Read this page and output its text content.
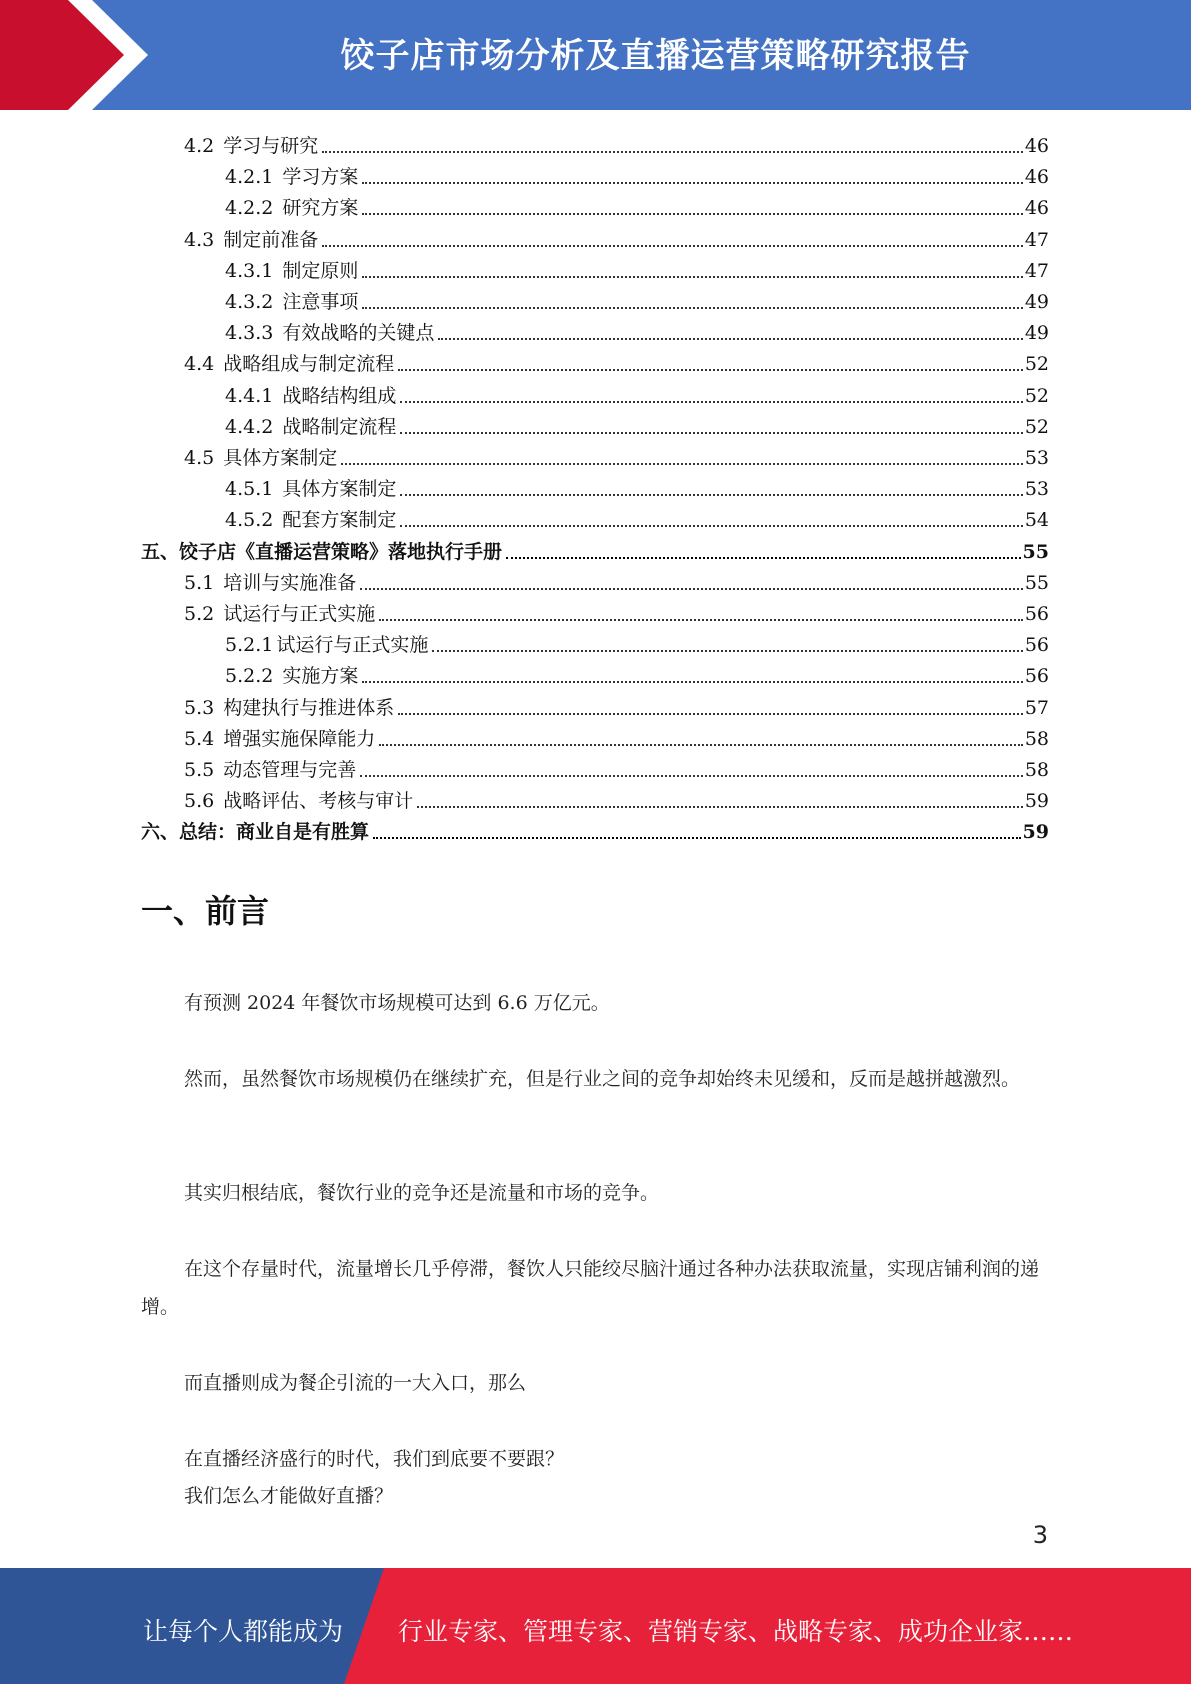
饺子店市场分析及直播运营策略研究报告
4.2 学习与研究	46
4.2.1 学习方案	46
4.2.2 研究方案	46
4.3 制定前准备	47
4.3.1 制定原则	47
4.3.2 注意事项	49
4.3.3 有效战略的关键点	49
4.4 战略组成与制定流程	52
4.4.1 战略结构组成	52
4.4.2 战略制定流程	52
4.5 具体方案制定	53
4.5.1 具体方案制定	53
4.5.2 配套方案制定	54
五、饺子店《直播运营策略》落地执行手册	55
5.1 培训与实施准备	55
5.2 试运行与正式实施	56
5.2.1 试运行与正式实施	56
5.2.2 实施方案	56
5.3 构建执行与推进体系	57
5.4 增强实施保障能力	58
5.5 动态管理与完善	58
5.6 战略评估、考核与审计	59
六、总结：商业自是有胜算	59
一、前言
有预测 2024 年餐饮市场规模可达到 6.6 万亿元。
然而，虽然餐饮市场规模仍在继续扩充，但是行业之间的竞争却始终未见缓和，反而是越拼越激烈。
其实归根结底，餐饮行业的竞争还是流量和市场的竞争。
在这个存量时代，流量增长几乎停滞，餐饮人只能绞尽脑汁通过各种办法获取流量，实现店铺利润的递增。
而直播则成为餐企引流的一大入口，那么
在直播经济盛行的时代，我们到底要不要跟？
我们怎么才能做好直播？
3
让每个人都能成为 行业专家、管理专家、营销专家、战略专家、成功企业家……
